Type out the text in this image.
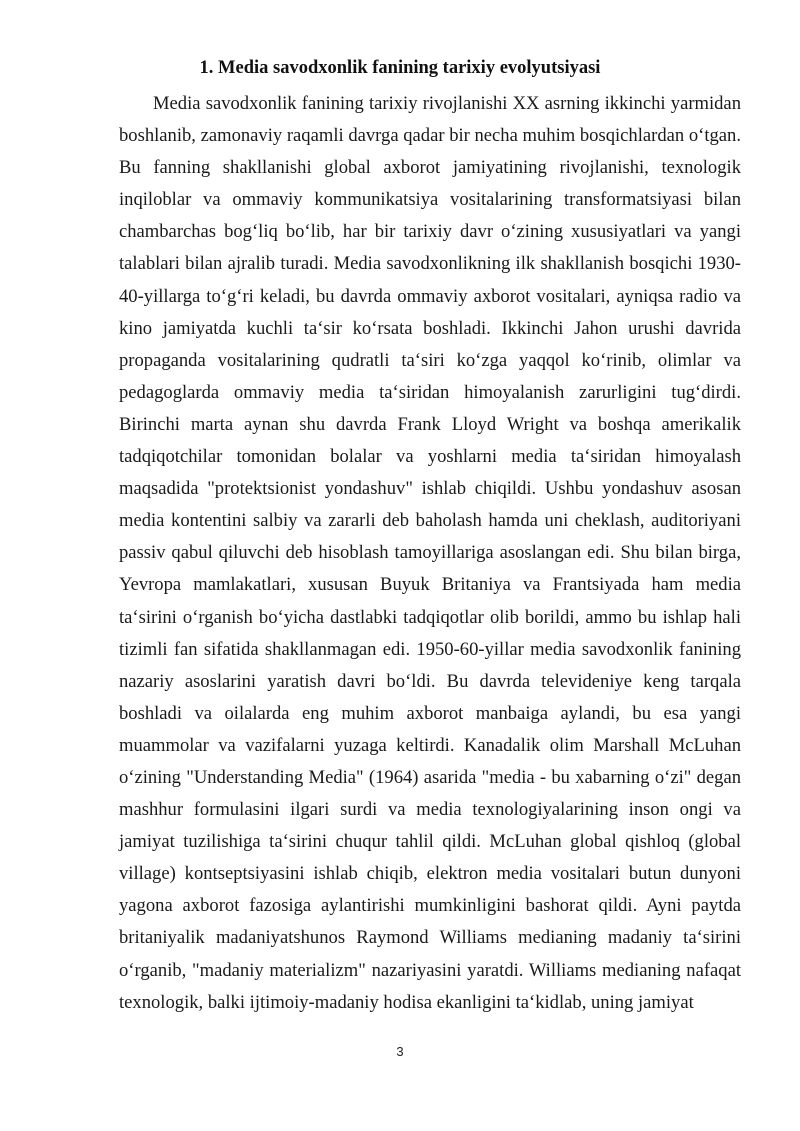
1. Media savodxonlik fanining tarixiy evolyutsiyasi

Media savodxonlik fanining tarixiy rivojlanishi XX asrning ikkinchi yarmidan boshlanib, zamonaviy raqamli davrga qadar bir necha muhim bosqichlardan o‘tgan. Bu fanning shakllanishi global axborot jamiyatining rivojlanishi, texnologik inqiloblar va ommaviy kommunikatsiya vositalarining transformatsiyasi bilan chambarchas bog‘liq bo‘lib, har bir tarixiy davr o‘zining xususiyatlari va yangi talablari bilan ajralib turadi. Media savodxonlikning ilk shakllanish bosqichi 1930-40-yillarga to‘g‘ri keladi, bu davrda ommaviy axborot vositalari, ayniqsa radio va kino jamiyatda kuchli ta‘sir ko‘rsata boshladi. Ikkinchi Jahon urushi davrida propaganda vositalarining qudratli ta‘siri ko‘zga yaqqol ko‘rinib, olimlar va pedagoglarda ommaviy media ta‘siridan himoyalanish zarurligini tug‘dirdi. Birinchi marta aynan shu davrda Frank Lloyd Wright va boshqa amerikalik tadqiqotchilar tomonidan bolalar va yoshlarni media ta‘siridan himoyalash maqsadida "protektsionist yondashuv" ishlab chiqildi. Ushbu yondashuv asosan media kontentini salbiy va zararli deb baholash hamda uni cheklash, auditoriyani passiv qabul qiluvchi deb hisoblash tamoyillariga asoslangan edi. Shu bilan birga, Yevropa mamlakatlari, xususan Buyuk Britaniya va Frantsiyada ham media ta‘sirini o‘rganish bo‘yicha dastlabki tadqiqotlar olib borildi, ammo bu ishlap hali tizimli fan sifatida shakllanmagan edi. 1950-60-yillar media savodxonlik fanining nazariy asoslarini yaratish davri bo‘ldi. Bu davrda televideniye keng tarqala boshladi va oilalarda eng muhim axborot manbaiga aylandi, bu esa yangi muammolar va vazifalarni yuzaga keltirdi. Kanadalik olim Marshall McLuhan o‘zining "Understanding Media" (1964) asarida "media - bu xabarning o‘zi" degan mashhur formulasini ilgari surdi va media texnologiyalarining inson ongi va jamiyat tuzilishiga ta‘sirini chuqur tahlil qildi. McLuhan global qishloq (global village) kontseptsiyasini ishlab chiqib, elektron media vositalari butun dunyoni yagona axborot fazosiga aylantirishi mumkinligini bashorat qildi. Ayni paytda britaniyalik madaniyatshunos Raymond Williams medianing madaniy ta‘sirini o‘rganib, "madaniy materializm" nazariyasini yaratdi. Williams medianing nafaqat texnologik, balki ijtimoiy-madaniy hodisa ekanligini ta‘kidlab, uning jamiyat

3
